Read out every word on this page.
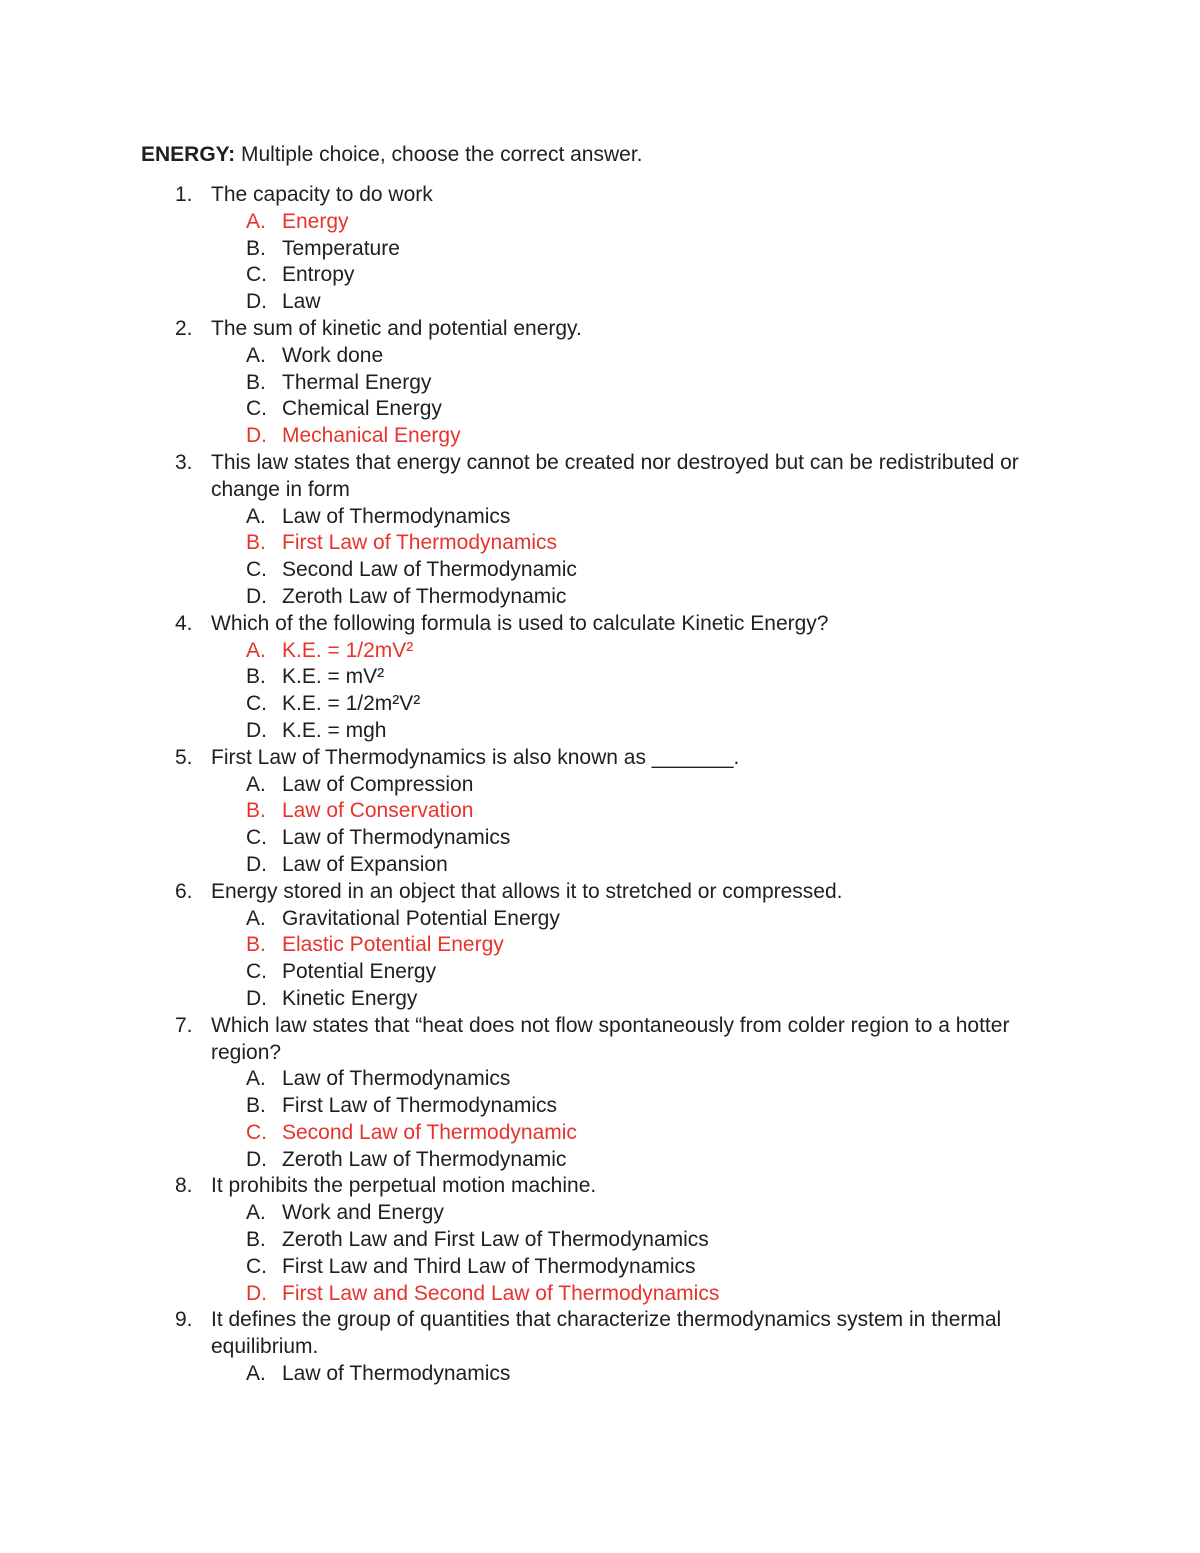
ENERGY: Multiple choice, choose the correct answer.
1. The capacity to do work
A. Energy
B. Temperature
C. Entropy
D. Law
2. The sum of kinetic and potential energy.
A. Work done
B. Thermal Energy
C. Chemical Energy
D. Mechanical Energy
3. This law states that energy cannot be created nor destroyed but can be redistributed or change in form
A. Law of Thermodynamics
B. First Law of Thermodynamics
C. Second Law of Thermodynamic
D. Zeroth Law of Thermodynamic
4. Which of the following formula is used to calculate Kinetic Energy?
A. K.E. = 1/2mV²
B. K.E. = mV²
C. K.E. = 1/2m²V²
D. K.E. = mgh
5. First Law of Thermodynamics is also known as _______.
A. Law of Compression
B. Law of Conservation
C. Law of Thermodynamics
D. Law of Expansion
6. Energy stored in an object that allows it to stretched or compressed.
A. Gravitational Potential Energy
B. Elastic Potential Energy
C. Potential Energy
D. Kinetic Energy
7. Which law states that “heat does not flow spontaneously from colder region to a hotter region?
A. Law of Thermodynamics
B. First Law of Thermodynamics
C. Second Law of Thermodynamic
D. Zeroth Law of Thermodynamic
8. It prohibits the perpetual motion machine.
A. Work and Energy
B. Zeroth Law and First Law of Thermodynamics
C. First Law and Third Law of Thermodynamics
D. First Law and Second Law of Thermodynamics
9. It defines the group of quantities that characterize thermodynamics system in thermal equilibrium.
A. Law of Thermodynamics
